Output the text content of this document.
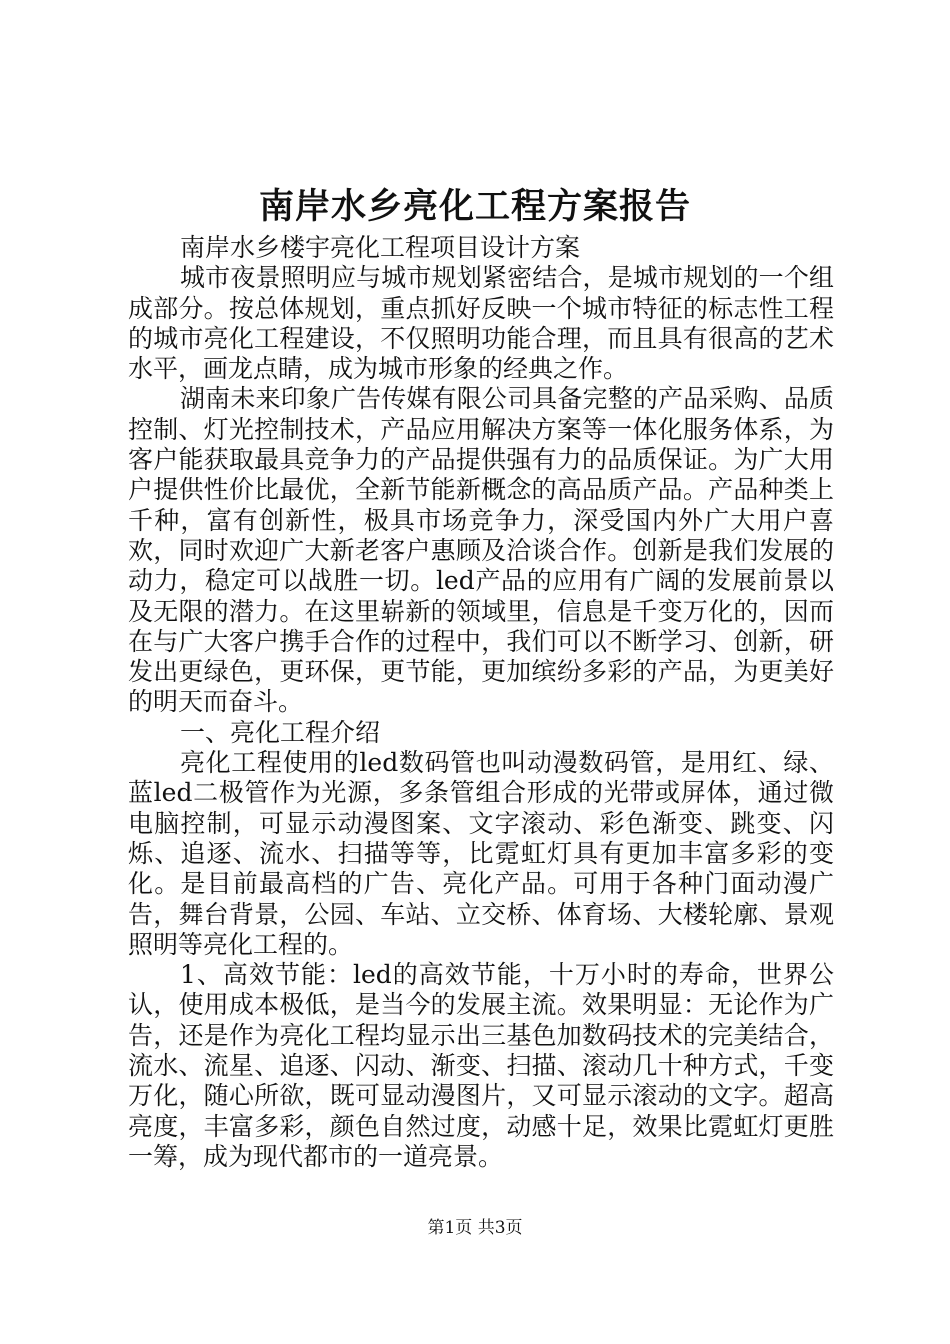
南岸水乡亮化工程方案报告

南岸水乡楼宇亮化工程项目设计方案

城市夜景照明应与城市规划紧密结合，是城市规划的一个组成部分。按总体规划，重点抓好反映一个城市特征的标志性工程的城市亮化工程建设，不仅照明功能合理，而且具有很高的艺术水平，画龙点睛，成为城市形象的经典之作。

湖南未来印象广告传媒有限公司具备完整的产品采购、品质控制、灯光控制技术，产品应用解决方案等一体化服务体系，为客户能获取最具竞争力的产品提供强有力的品质保证。为广大用户提供性价比最优，全新节能新概念的高品质产品。产品种类上千种，富有创新性，极具市场竞争力，深受国内外广大用户喜欢，同时欢迎广大新老客户惠顾及洽谈合作。创新是我们发展的动力，稳定可以战胜一切。led产品的应用有广阔的发展前景以及无限的潜力。在这里崭新的领域里，信息是千变万化的，因而在与广大客户携手合作的过程中，我们可以不断学习、创新，研发出更绿色，更环保，更节能，更加缤纷多彩的产品，为更美好的明天而奋斗。

一、亮化工程介绍

亮化工程使用的led数码管也叫动漫数码管，是用红、绿、蓝led二极管作为光源，多条管组合形成的光带或屏体，通过微电脑控制，可显示动漫图案、文字滚动、彩色渐变、跳变、闪烁、追逐、流水、扫描等等，比霓虹灯具有更加丰富多彩的变化。是目前最高档的广告、亮化产品。可用于各种门面动漫广告，舞台背景，公园、车站、立交桥、体育场、大楼轮廓、景观照明等亮化工程的。

1、高效节能：led的高效节能，十万小时的寿命，世界公认，使用成本极低，是当今的发展主流。效果明显：无论作为广告，还是作为亮化工程均显示出三基色加数码技术的完美结合，流水、流星、追逐、闪动、渐变、扫描、滚动几十种方式，千变万化，随心所欲，既可显动漫图片，又可显示滚动的文字。超高亮度，丰富多彩，颜色自然过度，动感十足，效果比霓虹灯更胜一筹，成为现代都市的一道亮景。

第1页 共3页
